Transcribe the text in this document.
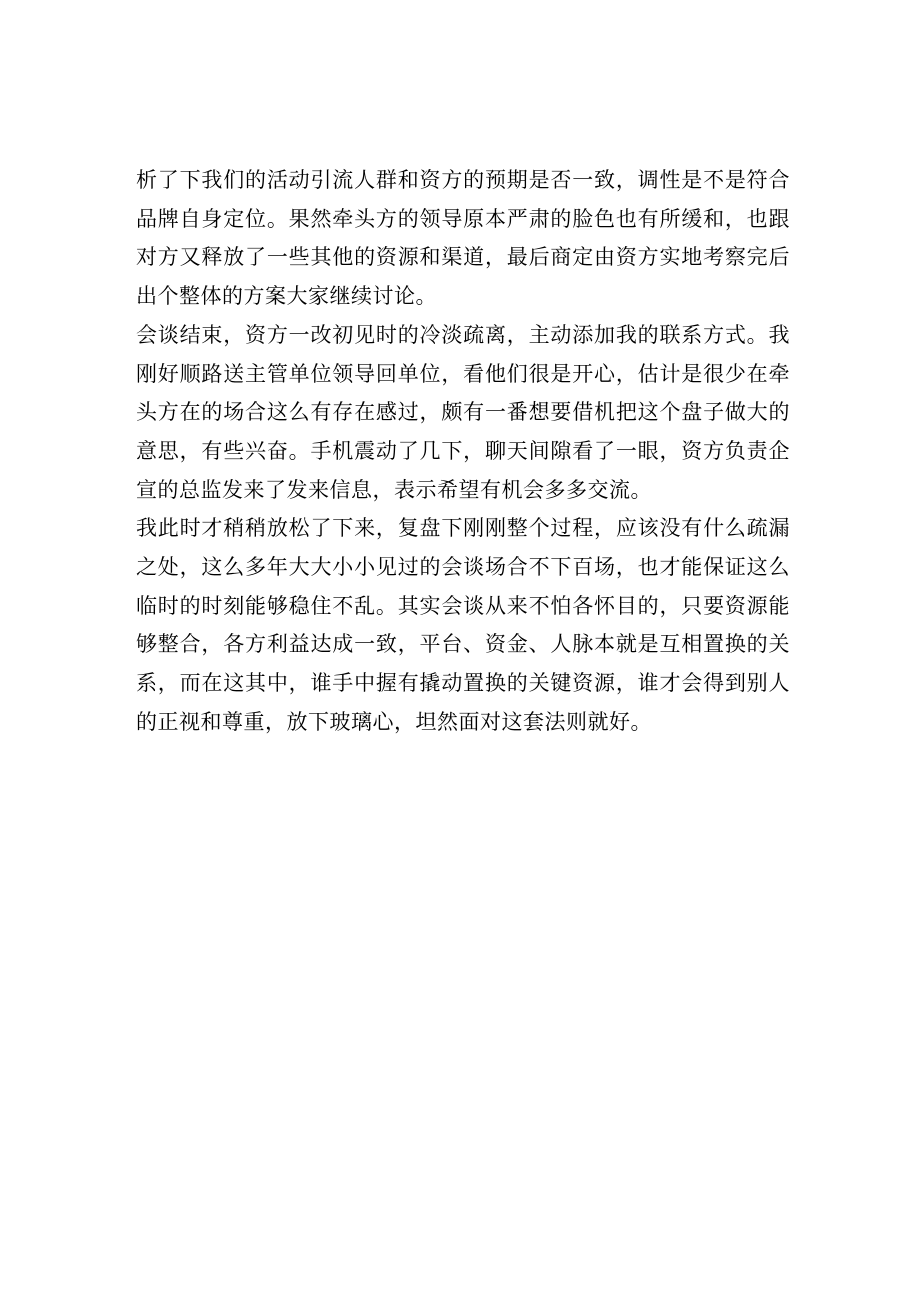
析了下我们的活动引流人群和资方的预期是否一致，调性是不是符合品牌自身定位。果然牵头方的领导原本严肃的脸色也有所缓和，也跟对方又释放了一些其他的资源和渠道，最后商定由资方实地考察完后出个整体的方案大家继续讨论。

会谈结束，资方一改初见时的冷淡疏离，主动添加我的联系方式。我刚好顺路送主管单位领导回单位，看他们很是开心，估计是很少在牵头方在的场合这么有存在感过，颇有一番想要借机把这个盘子做大的意思，有些兴奋。手机震动了几下，聊天间隙看了一眼，资方负责企宣的总监发来了发来信息，表示希望有机会多多交流。

我此时才稍稍放松了下来，复盘下刚刚整个过程，应该没有什么疏漏之处，这么多年大大小小见过的会谈场合不下百场，也才能保证这么临时的时刻能够稳住不乱。其实会谈从来不怕各怀目的，只要资源能够整合，各方利益达成一致，平台、资金、人脉本就是互相置换的关系，而在这其中，谁手中握有撬动置换的关键资源，谁才会得到别人的正视和尊重，放下玻璃心，坦然面对这套法则就好。
